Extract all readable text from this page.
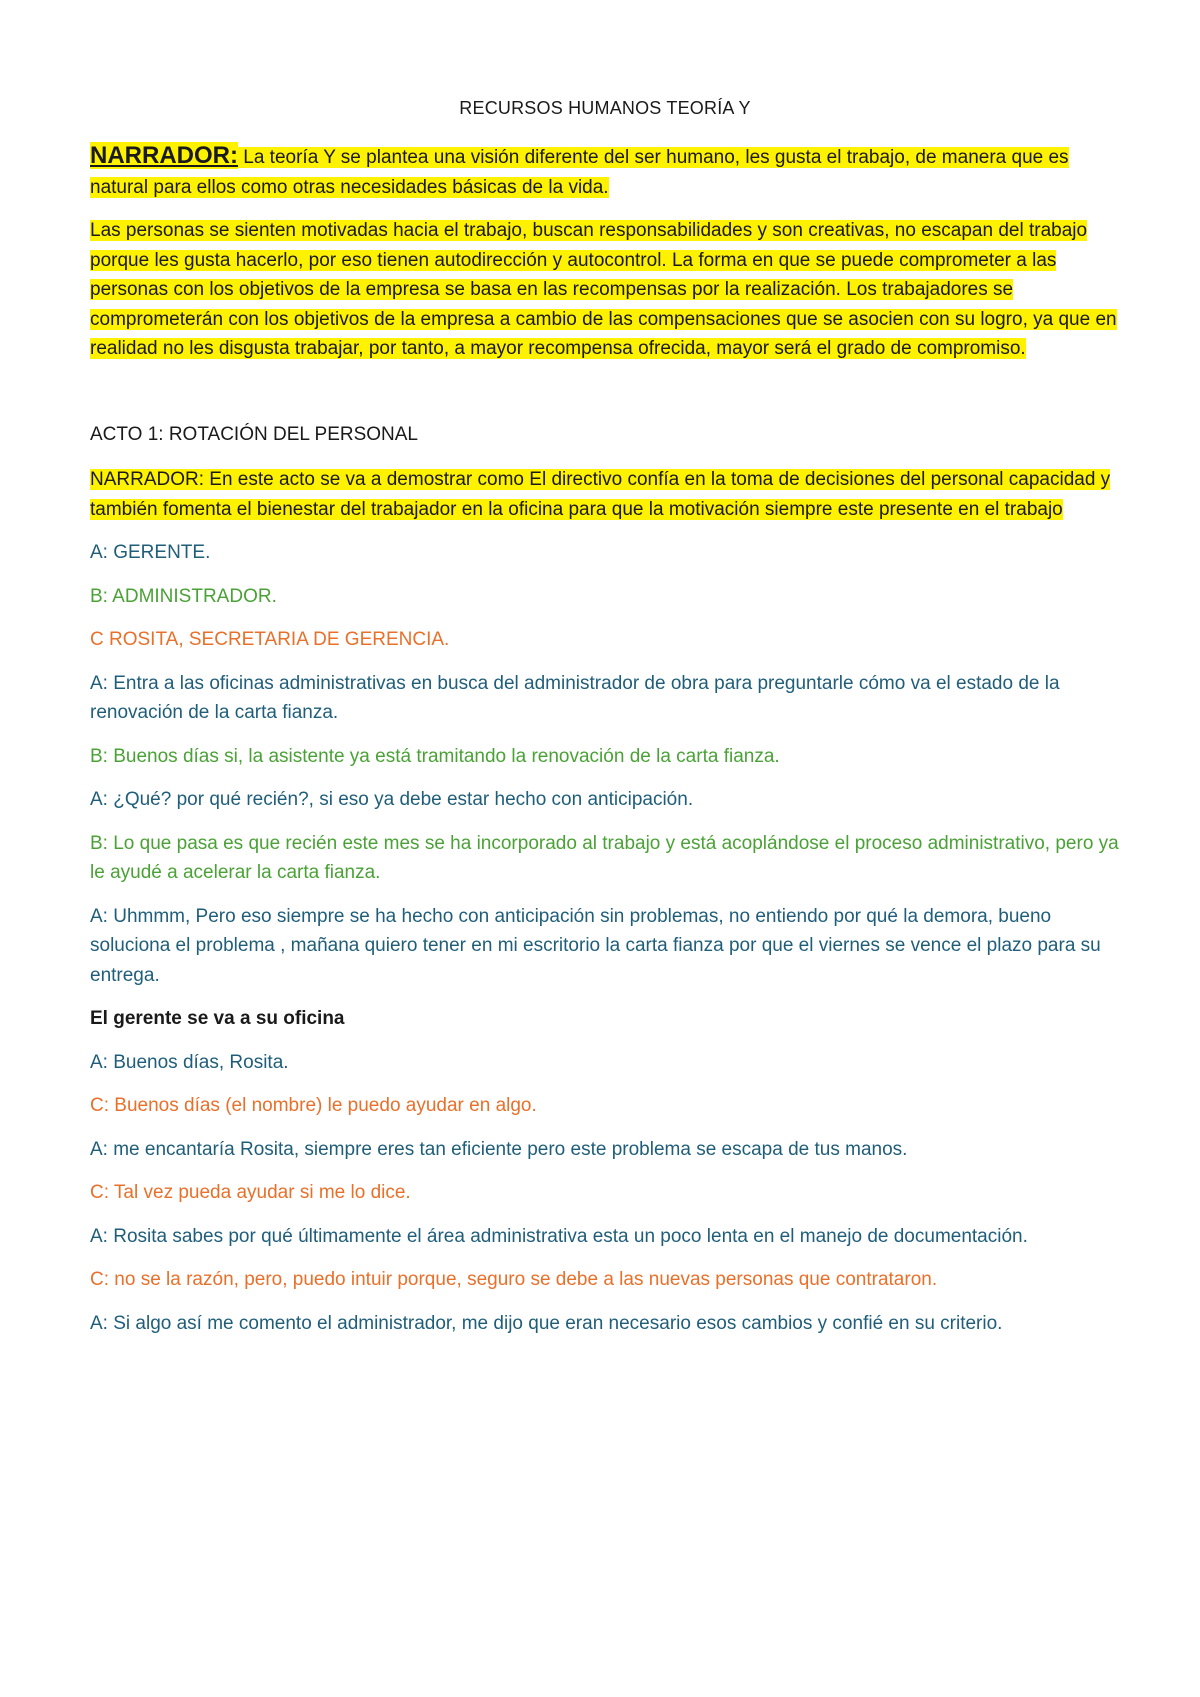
RECURSOS HUMANOS TEORÍA Y

NARRADOR: La teoría Y se plantea una visión diferente del ser humano, les gusta el trabajo, de manera que es natural para ellos como otras necesidades básicas de la vida.

Las personas se sienten motivadas hacia el trabajo, buscan responsabilidades y son creativas, no escapan del trabajo porque les gusta hacerlo, por eso tienen autodirección y autocontrol. La forma en que se puede comprometer a las personas con los objetivos de la empresa se basa en las recompensas por la realización. Los trabajadores se comprometerán con los objetivos de la empresa a cambio de las compensaciones que se asocien con su logro, ya que en realidad no les disgusta trabajar, por tanto, a mayor recompensa ofrecida, mayor será el grado de compromiso.

ACTO 1: ROTACIÓN DEL PERSONAL

NARRADOR: En este acto se va a demostrar como El directivo confía en la toma de decisiones del personal capacidad y también fomenta el bienestar del trabajador en la oficina para que la motivación siempre este presente en el trabajo

A: GERENTE.

B: ADMINISTRADOR.

C ROSITA, SECRETARIA DE GERENCIA.

A: Entra a las oficinas administrativas en busca del administrador de obra para preguntarle cómo va el estado de la renovación de la carta fianza.

B: Buenos días si, la asistente ya está tramitando la renovación de la carta fianza.

A: ¿Qué? por qué recién?, si eso ya debe estar hecho con anticipación.

B: Lo que pasa es que recién este mes se ha incorporado al trabajo y está acoplándose el proceso administrativo, pero ya le ayudé a acelerar la carta fianza.

A: Uhmmm, Pero eso siempre se ha hecho con anticipación sin problemas, no entiendo por qué la demora, bueno soluciona el problema , mañana quiero tener en mi escritorio la carta fianza por que el viernes se vence el plazo para su entrega.

El gerente se va a su oficina

A: Buenos días, Rosita.

C: Buenos días (el nombre) le puedo ayudar en algo.

A: me encantaría Rosita, siempre eres tan eficiente pero este problema se escapa de tus manos.

C: Tal vez pueda ayudar si me lo dice.

A: Rosita sabes por qué últimamente el área administrativa esta un poco lenta en el manejo de documentación.

C: no se la razón, pero, puedo intuir porque, seguro se debe a las nuevas personas que contrataron.

A: Si algo así me comento el administrador, me dijo que eran necesario esos cambios y confié en su criterio.
